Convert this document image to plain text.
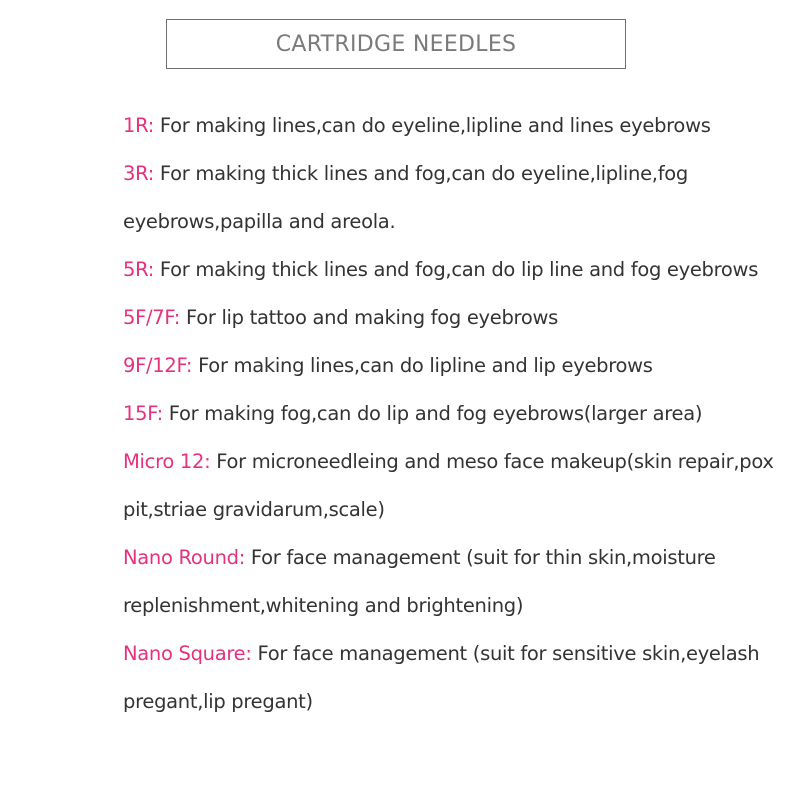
CARTRIDGE NEEDLES
1R: For making lines,can do eyeline,lipline and lines eyebrows
3R: For making thick lines and fog,can do eyeline,lipline,fog eyebrows,papilla and areola.
5R: For making thick lines and fog,can do lip line and fog eyebrows
5F/7F: For lip tattoo and making fog eyebrows
9F/12F: For making lines,can do lipline and lip eyebrows
15F: For making fog,can do lip and fog eyebrows(larger area)
Micro 12: For microneedleing and meso face makeup(skin repair,pox pit,striae gravidarum,scale)
Nano Round: For face management (suit for thin skin,moisture replenishment,whitening and brightening)
Nano Square: For face management (suit for sensitive skin,eyelash pregant,lip pregant)
